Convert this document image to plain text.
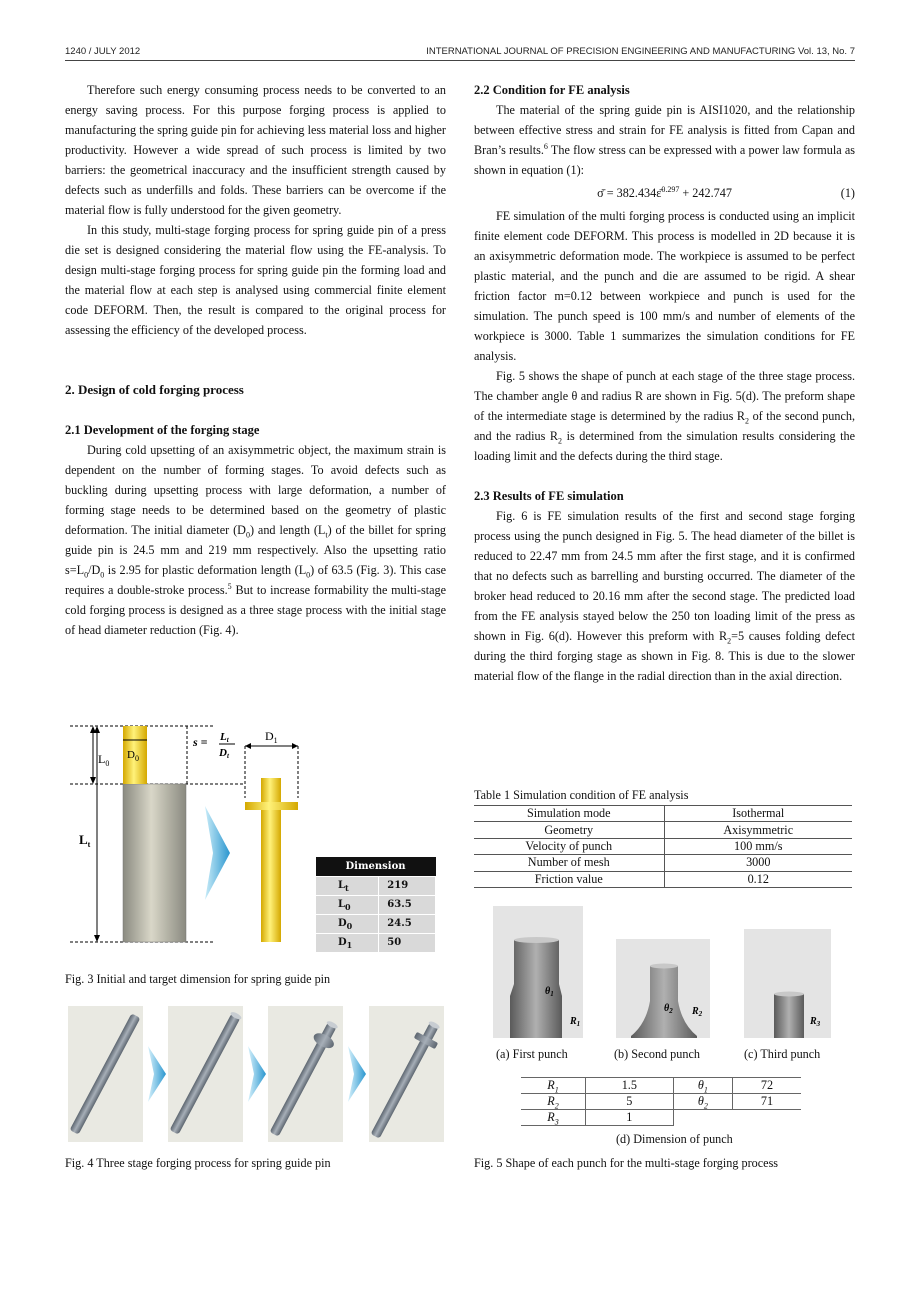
1240 / JULY 2012	INTERNATIONAL JOURNAL OF PRECISION ENGINEERING AND MANUFACTURING Vol. 13, No. 7

Therefore such energy consuming process needs to be converted to an energy saving process. For this purpose forging process is applied to manufacturing the spring guide pin for achieving less material loss and higher productivity. However a wide spread of such process is limited by two barriers: the geometrical inaccuracy and the insufficient strength caused by defects such as underfills and folds. These barriers can be overcome if the material flow is fully understood for the given geometry.

In this study, multi-stage forging process for spring guide pin of a press die set is designed considering the material flow using the FE-analysis. To design multi-stage forging process for spring guide pin the forming load and the material flow at each step is analysed using commercial finite element code DEFORM. Then, the result is compared to the original process for assessing the efficiency of the developed process.

2. Design of cold forging process
2.1 Development of the forging stage

During cold upsetting of an axisymmetric object, the maximum strain is dependent on the number of forming stages. To avoid defects such as buckling during upsetting process with large deformation, a number of forming stage needs to be determined based on the geometry of plastic deformation. The initial diameter $(D_0)$ and length $(L_t)$ of the billet for spring guide pin is 24.5 mm and 219 mm respectively. Also the upsetting ratio $s=L_0/D_0$ is 2.95 for plastic deformation length $(L_0)$ of 63.5 (Fig. 3). This case requires a double-stroke process.$^5$ But to increase formability the multi-stage cold forging process is designed as a three stage process with the initial stage of head diameter reduction (Fig. 4).

$L_0$
$L_t$
$D_0$
s = Lt
Dt
$D_1$
Dimension	
$L_t$	219
$L_0$	63.5
$D_0$	24.5
$D_1$	50
Fig. 3 Initial and target dimension for spring guide pin
Fig. 4 Three stage forging process for spring guide pin
2.2 Condition for FE analysis

The material of the spring guide pin is AISI1020, and the relationship between effective stress and strain for FE analysis is fitted from Capan and Bran’s results.$^6$ The flow stress can be expressed with a power law formula as shown in equation (1):

σ̄ = 382.434ε̄$^{0.297}$ + 242.747	(1)

FE simulation of the multi forging process is conducted using an implicit finite element code DEFORM. This process is modelled in 2D because it is an axisymmetric deformation mode. The workpiece is assumed to be perfect plastic material, and the punch and die are assumed to be rigid. A shear friction factor m=0.12 between workpiece and punch is used for the simulation. The punch speed is 100 mm/s and number of elements of the workpiece is 3000. Table 1 summarizes the simulation conditions for FE analysis.

Fig. 5 shows the shape of punch at each stage of the three stage process. The chamber angle θ and radius R are shown in Fig. 5(d). The preform shape of the intermediate stage is determined by the radius $R_2$ of the second punch, and the radius $R_2$ is determined from the simulation results considering the loading limit and the defects during the third stage.

2.3 Results of FE simulation

Fig. 6 is FE simulation results of the first and second stage forging process using the punch designed in Fig. 5. The head diameter of the billet is reduced to 22.47 mm from 24.5 mm after the first stage, and it is confirmed that no defects such as barrelling and bursting occurred. The diameter of the broker head reduced to 20.16 mm after the second stage. The predicted load from the FE analysis stayed below the 250 ton loading limit of the press as shown in Fig. 6(d). However this preform with $R_2=5$ causes folding defect during the third forging stage as shown in Fig. 8. This is due to the slower material flow of the flange in the radial direction than in the axial direction.

Table 1 Simulation condition of FE analysis
Simulation mode	Isothermal
Geometry	Axisymmetric
Velocity of punch	100 mm/s
Number of mesh	3000
Friction value	0.12
$\theta_1$
$R_1$
$\theta_2$ $R_2$
$R_3$
(a) First punch	(b) Second punch	(c) Third punch
$R_1$	1.5	$\theta_1$	72
$R_2$	5	$\theta_2$	71
$R_3$	1		
(d) Dimension of punch
Fig. 5 Shape of each punch for the multi-stage forging process
